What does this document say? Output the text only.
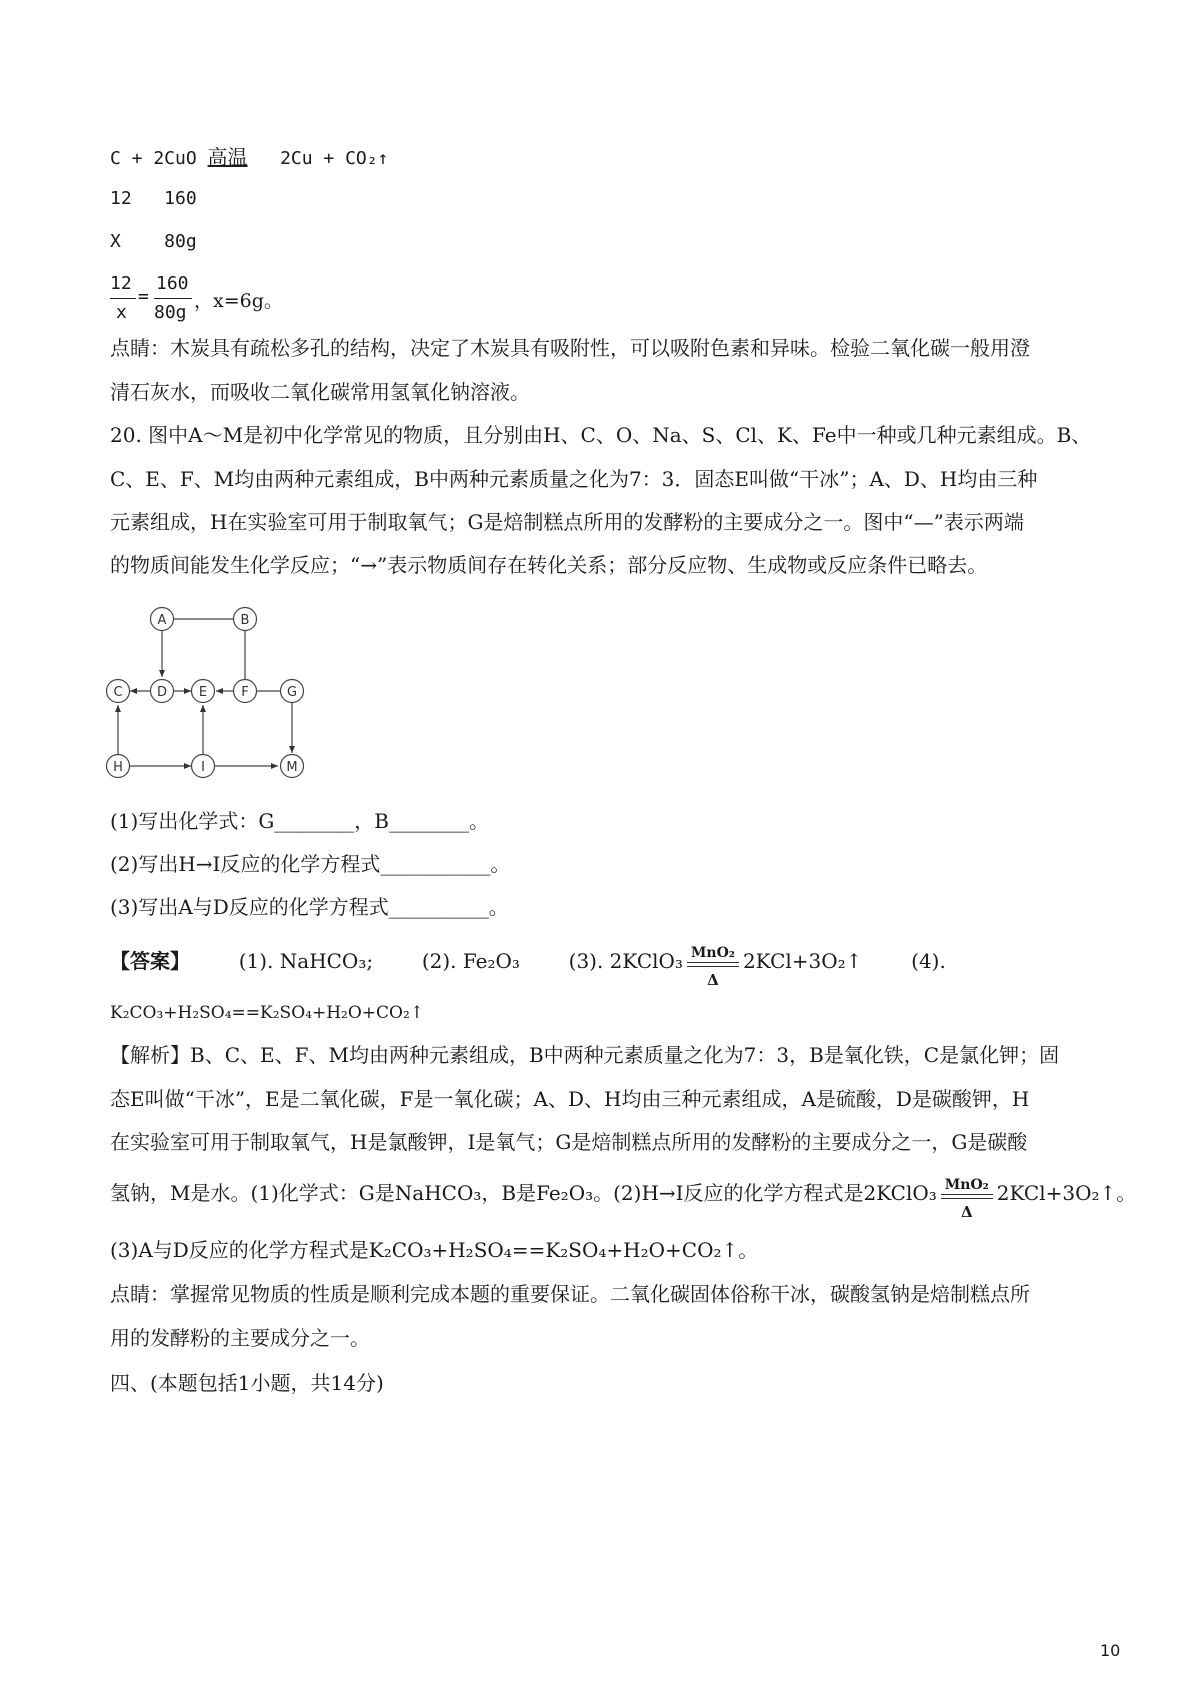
C + 2CuO 高温 2Cu + CO₂↑
12   160
X    80g
12
x
=
160
80g
，x=6g。
点睛：木炭具有疏松多孔的结构，决定了木炭具有吸附性，可以吸附色素和异味。检验二氧化碳一般用澄
清石灰水，而吸收二氧化碳常用氢氧化钠溶液。
20. 图中A～M是初中化学常见的物质，且分别由H、C、O、Na、S、Cl、K、Fe中一种或几种元素组成。B、
C、E、F、M均由两种元素组成，B中两种元素质量之化为7：3．固态E叫做“干冰”；A、D、H均由三种
元素组成，H在实验室可用于制取氧气；G是焙制糕点所用的发酵粉的主要成分之一。图中“—”表示两端
的物质间能发生化学反应；“→”表示物质间存在转化关系；部分反应物、生成物或反应条件已略去。
A	B
C	D E	F	G
H	I	M
(1)写出化学式：G________，B________。
(2)写出H→I反应的化学方程式___________。
(3)写出A与D反应的化学方程式__________。
【答案】 (1). NaHCO₃; (2). Fe₂O₃ (3). 2KClO₃ MnO₂
Δ
2KCl+3O₂↑ (4).
K₂CO₃+H₂SO₄==K₂SO₄+H₂O+CO₂↑
【解析】B、C、E、F、M均由两种元素组成，B中两种元素质量之化为7：3，B是氧化铁，C是氯化钾；固
态E叫做“干冰”，E是二氧化碳，F是一氧化碳；A、D、H均由三种元素组成，A是硫酸，D是碳酸钾，H
在实验室可用于制取氧气，H是氯酸钾，I是氧气；G是焙制糕点所用的发酵粉的主要成分之一，G是碳酸
氢钠，M是水。(1)化学式：G是NaHCO₃，B是Fe₂O₃。(2)H→I反应的化学方程式是2KClO₃ MnO₂
Δ
2KCl+3O₂↑。
(3)A与D反应的化学方程式是K₂CO₃+H₂SO₄==K₂SO₄+H₂O+CO₂↑。
点睛：掌握常见物质的性质是顺利完成本题的重要保证。二氧化碳固体俗称干冰，碳酸氢钠是焙制糕点所
用的发酵粉的主要成分之一。
四、(本题包括1小题，共14分)
10
